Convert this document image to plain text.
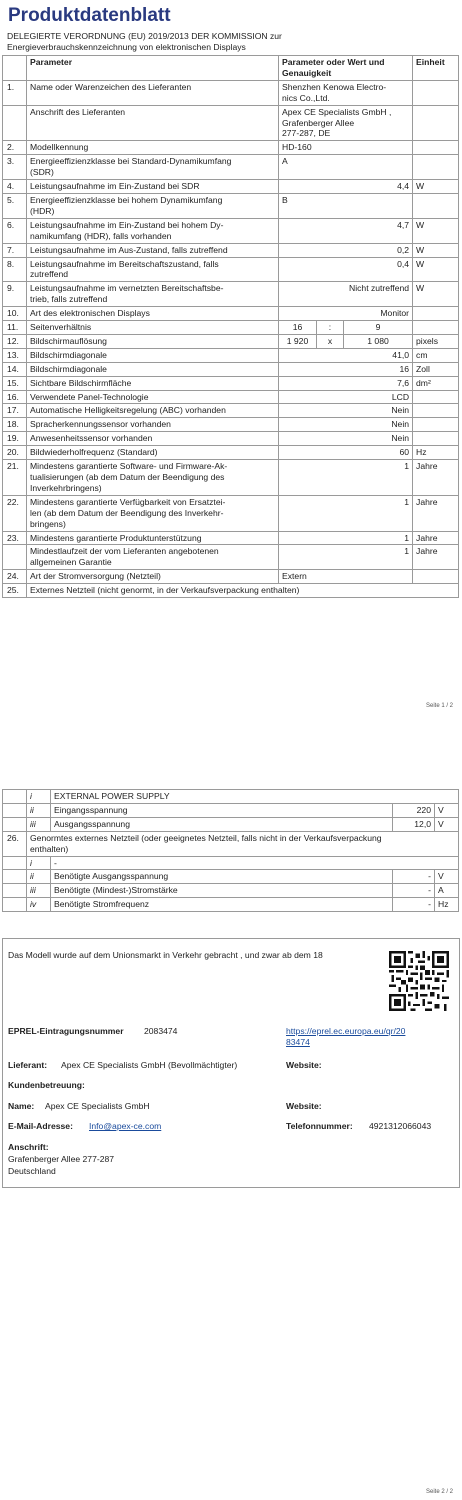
Produktdatenblatt
DELEGIERTE VERORDNUNG (EU) 2019/2013 DER KOMMISSION zur
Energieverbrauchskennzeichnung von elektronischen Displays
	Parameter	Parameter oder Wert und
Genauigkeit			Einheit
1.	Name oder Warenzeichen des Lieferanten	Shenzhen Kenowa Electro-
nics Co.,Ltd.			

	Anschrift des Lieferanten	Apex CE Specialists GmbH ,
Grafenberger Allee
277-287, DE			

2.	Modellkennung	HD-160			
3.	Energieeffizienzklasse bei Standard-Dynamikumfang
(SDR)	A			
4.	Leistungsaufnahme im Ein-Zustand bei SDR	4,4			W
5.	Energieeffizienzklasse bei hohem Dynamikumfang
(HDR)	B			
6.	Leistungsaufnahme im Ein-Zustand bei hohem Dy-
namikumfang (HDR), falls vorhanden	4,7			W
7.	Leistungsaufnahme im Aus-Zustand, falls zutreffend	0,2			W
8.	Leistungsaufnahme im Bereitschaftszustand, falls
zutreffend	0,4			W
9.	Leistungsaufnahme im vernetzten Bereitschaftsbe-
trieb, falls zutreffend	Nicht zutreffend			W
10.	Art des elektronischen Displays	Monitor			
11.	Seitenverhältnis	16	:	9	
12.	Bildschirmauflösung	1 920	x	1 080	pixels
13.	Bildschirmdiagonale	41,0			cm
14.	Bildschirmdiagonale	16			Zoll
15.	Sichtbare Bildschirmfläche	7,6			dm²
16.	Verwendete Panel-Technologie	LCD			
17.	Automatische Helligkeitsregelung (ABC) vorhanden	Nein			
18.	Spracherkennungssensor vorhanden	Nein			
19.	Anwesenheitssensor vorhanden	Nein			
20.	Bildwiederholfrequenz (Standard)	60			Hz
21.	Mindestens garantierte Software- und Firmware-Ak-
tualisierungen (ab dem Datum der Beendigung des
Inverkehrbringens)	1			Jahre
22.	Mindestens garantierte Verfügbarkeit von Ersatztei-
len (ab dem Datum der Beendigung des Inverkehr-
bringens)	1			Jahre
23.	Mindestens garantierte Produktunterstützung	1			Jahre

	Mindestlaufzeit der vom Lieferanten angebotenen
allgemeinen Garantie	1			Jahre
24.	Art der Stromversorgung (Netzteil)	Extern			
25.	Externes Netzteil (nicht genormt, in der Verkaufsverpackung enthalten)				
Seite 1 / 2
	i	EXTERNAL POWER SUPPLY		
	ii	Eingangsspannung	220	V
	iii	Ausgangsspannung	12,0	V
26.	Genormtes externes Netzteil (oder geeignetes Netzteil, falls nicht in der Verkaufsverpackung
enthalten)			

	i	-		
	ii	Benötigte Ausgangsspannung	-	V
	iii	Benötigte (Mindest-)Stromstärke	-	A
	iv	Benötigte Stromfrequenz	-	Hz
Das Modell wurde auf dem Unionsmarkt in Verkehr gebracht , und zwar ab dem 18
EPREL-Eintragungsnummer 2083474	https://eprel.ec.europa.eu/qr/20
83474
Lieferant: Apex CE Specialists GmbH (Bevollmächtigter)	Website:
Kundenbetreuung:
Name: Apex CE Specialists GmbH	Website:
E-Mail-Adresse: Info@apex-ce.com	Telefonnummer: 4921312066043
Anschrift:
Grafenberger Allee 277-287
Deutschland
Seite 2 / 2
